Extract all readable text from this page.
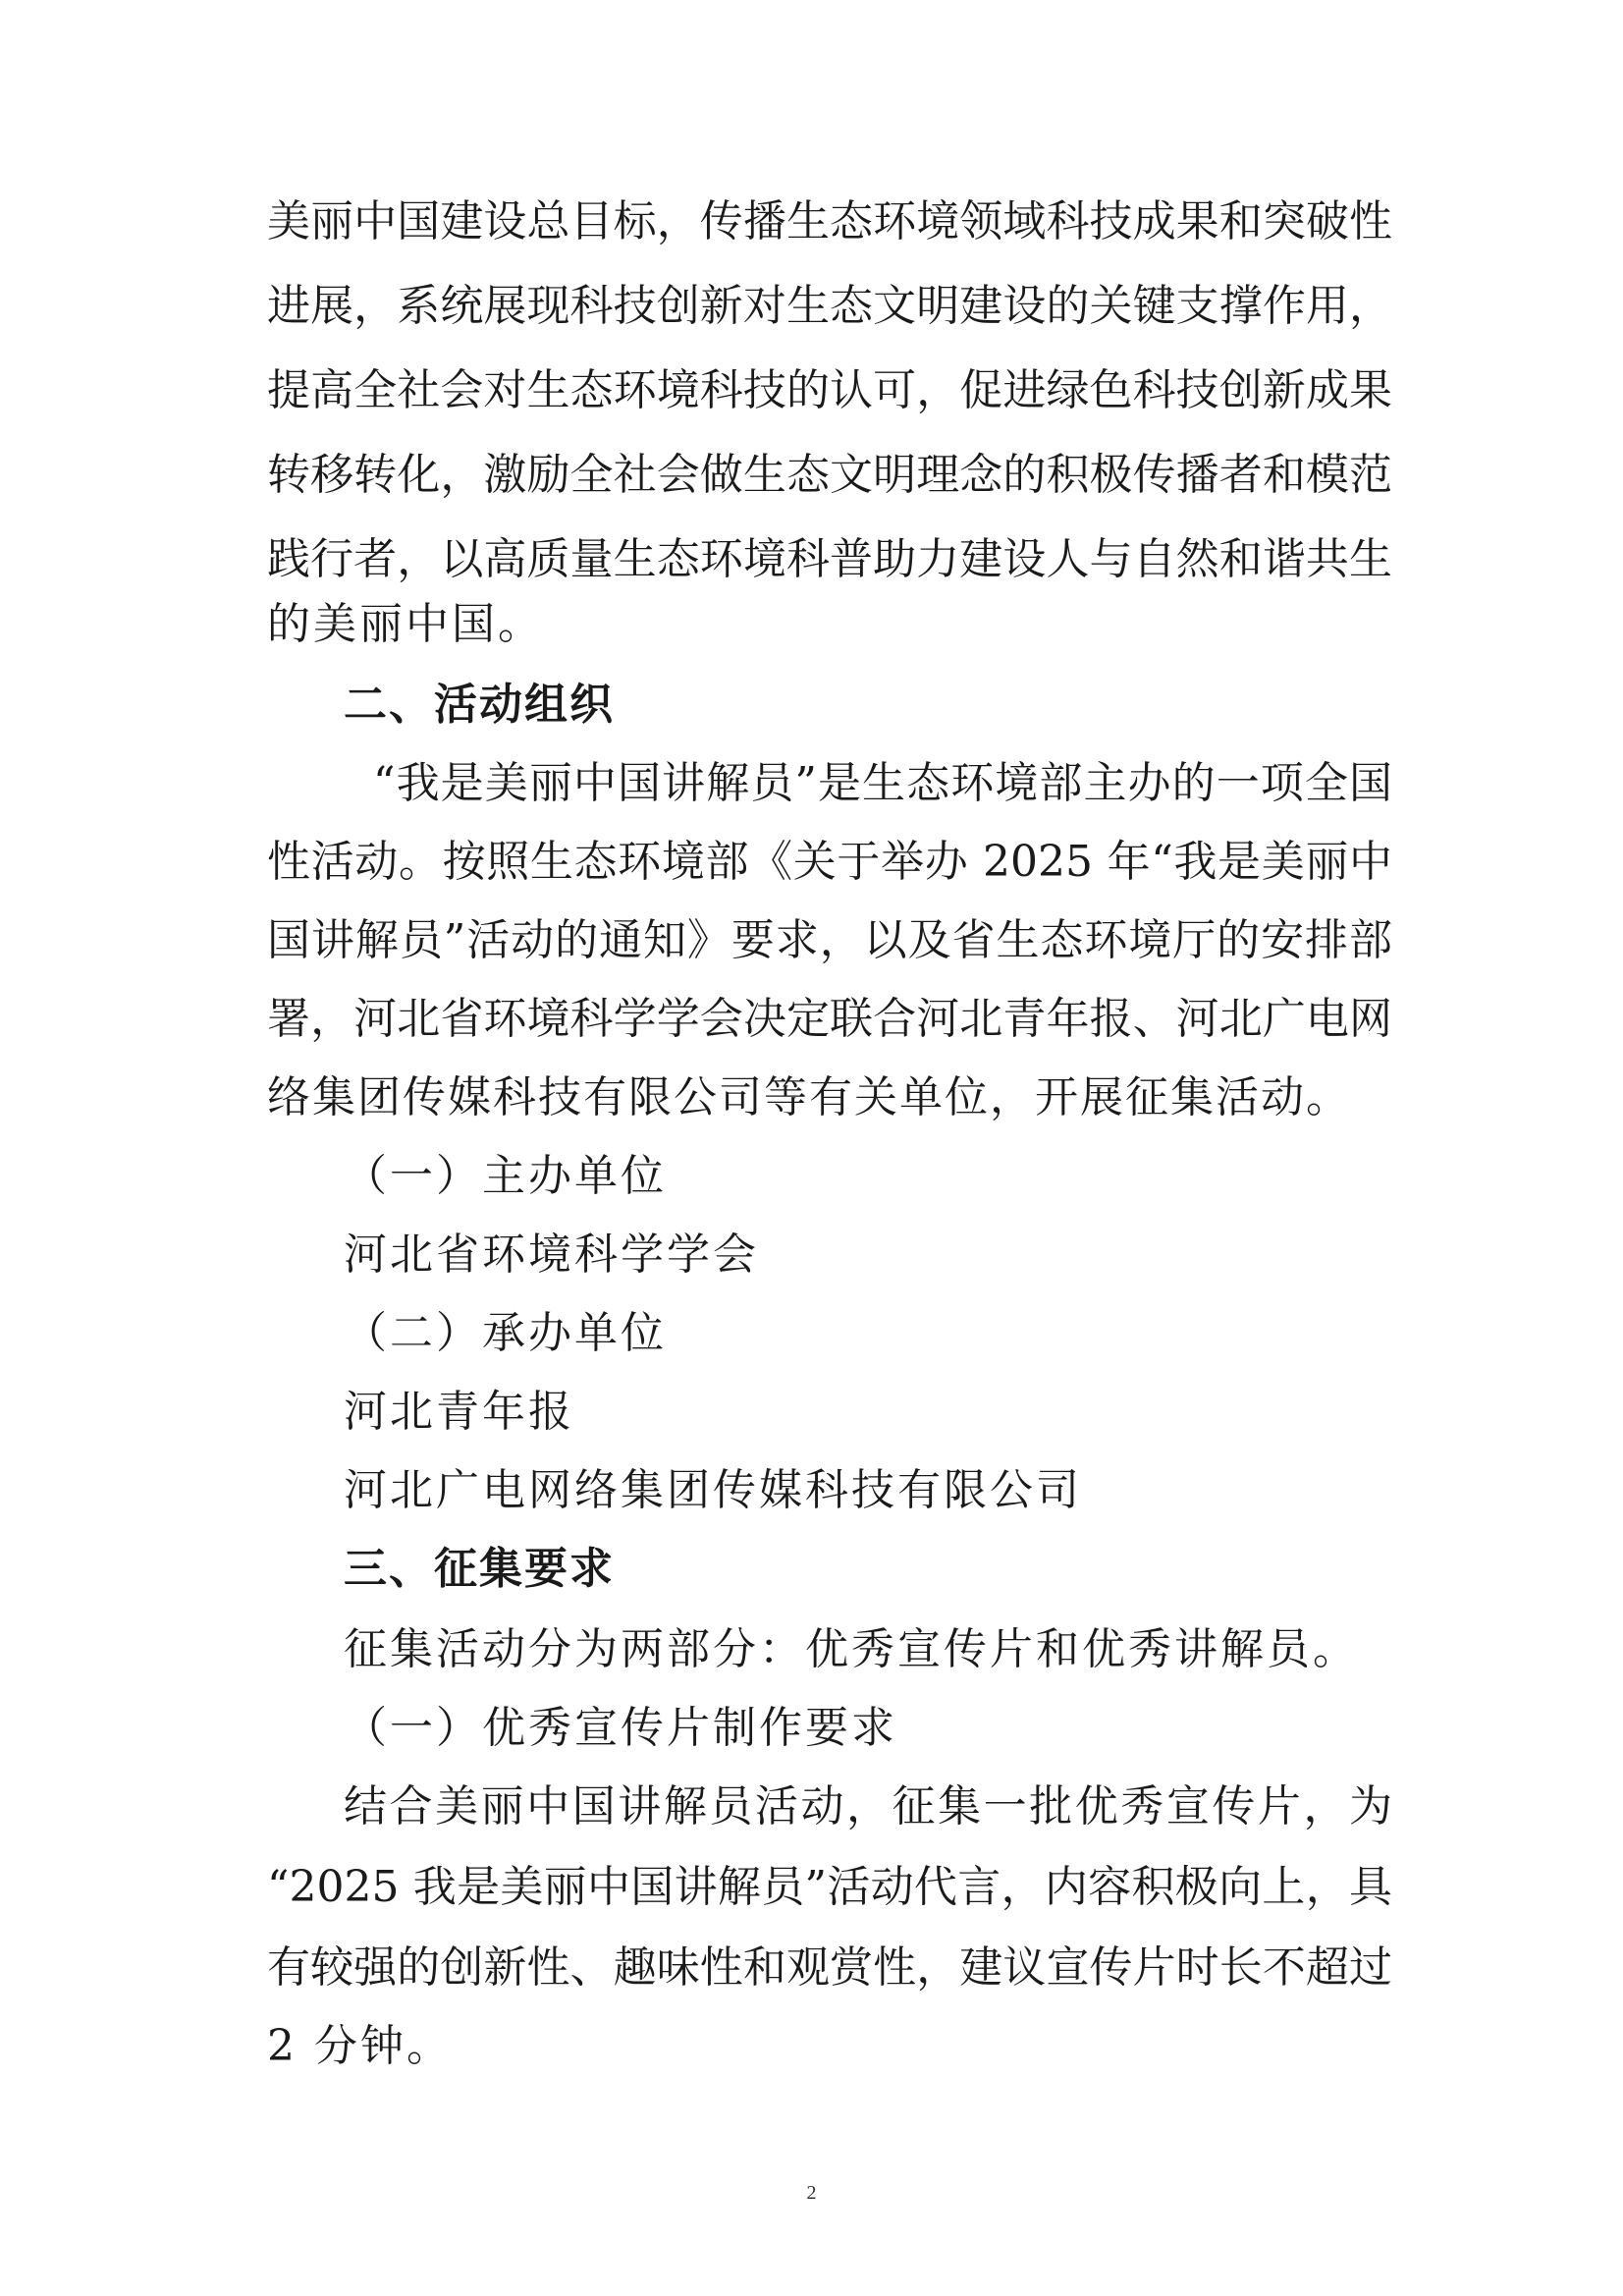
美丽中国建设总目标，传播生态环境领域科技成果和突破性
进展，系统展现科技创新对生态文明建设的关键支撑作用，
提高全社会对生态环境科技的认可，促进绿色科技创新成果
转移转化，激励全社会做生态文明理念的积极传播者和模范
践行者，以高质量生态环境科普助力建设人与自然和谐共生
的美丽中国。
二、活动组织
“我是美丽中国讲解员”是生态环境部主办的一项全国
性活动。按照生态环境部《关于举办 2025 年“我是美丽中
国讲解员”活动的通知》要求，以及省生态环境厅的安排部
署，河北省环境科学学会决定联合河北青年报、河北广电网
络集团传媒科技有限公司等有关单位，开展征集活动。
（一）主办单位
河北省环境科学学会
（二）承办单位
河北青年报
河北广电网络集团传媒科技有限公司
三、征集要求
征集活动分为两部分：优秀宣传片和优秀讲解员。
（一）优秀宣传片制作要求
结合美丽中国讲解员活动，征集一批优秀宣传片，为
“2025 我是美丽中国讲解员”活动代言，内容积极向上，具
有较强的创新性、趣味性和观赏性，建议宣传片时长不超过
2 分钟。
2
